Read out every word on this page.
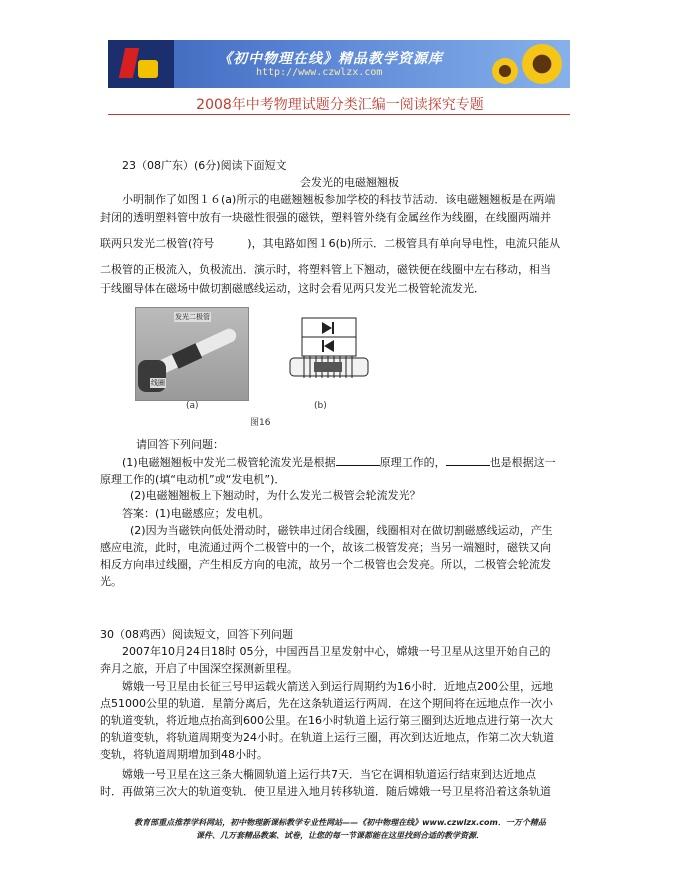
《初中物理在线》精品教学资源库
http://www.czwlzx.com
2008年中考物理试题分类汇编一阅读探究专题
23（08广东）(6分)阅读下面短文
会发光的电磁翘翘板
小明制作了如图１６(a)所示的电磁翘翘板参加学校的科技节活动．该电磁翘翘板是在两端
封闭的透明塑料管中放有一块磁性很强的磁铁，塑料管外绕有金属丝作为线圈，在线圈两端并
联两只发光二极管(符号　　　)，其电路如图１6(b)所示．二极管具有单向导电性，电流只能从
二极管的正极流入，负极流出．演示时，将塑料管上下翘动，磁铁便在线圈中左右移动，相当
于线圈导体在磁场中做切割磁感线运动，这时会看见两只发光二极管轮流发光．
发光二极管
线圈
(a)	(b)
图16
请回答下列问题：
(1)电磁翘翘板中发光二极管轮流发光是根据	原理工作的，	也是根据这一
原理工作的(填“电动机”或“发电机”)．
(2)电磁翘翘板上下翘动时，为什么发光二极管会轮流发光？
答案：(1)电磁感应；发电机。
(2)因为当磁铁向低处滑动时，磁铁串过闭合线圈，线圈相对在做切割磁感线运动，产生
感应电流，此时，电流通过两个二极管中的一个，故该二极管发亮；当另一端翘时，磁铁又向
相反方向串过线圈，产生相反方向的电流，故另一个二极管也会发亮。所以，二极管会轮流发
光。
30（08鸡西）阅读短文，回答下列问题
2007年10月24日18时 05分，中国西昌卫星发射中心，嫦娥一号卫星从这里开始自己的
奔月之旅，开启了中国深空探测新里程。
嫦娥一号卫星由长征三号甲运载火箭送入到运行周期约为16小时．近地点200公里，远地
点51000公里的轨道．星箭分离后，先在这条轨道运行两周．在这个期间将在远地点作一次小
的轨道变轨，将近地点抬高到600公里。在16小时轨道上运行第三圈到达近地点进行第一次大
的轨道变轨，将轨道周期变为24小时。在轨道上运行三圈，再次到达近地点，作第二次大轨道
变轨，将轨道周期增加到48小时。
嫦娥一号卫星在这三条大椭圆轨道上运行共7天．当它在调相轨道运行结束到达近地点
时．再做第三次大的轨道变轨．使卫星进入地月转移轨道．随后嫦娥一号卫星将沿着这条轨道
教育部重点推荐学科网站，初中物理新课标教学专业性网站——《初中物理在线》www.czwlzx.com．一万个精品
课件、几万套精品教案、试卷，让您的每一节课都能在这里找到合适的教学资源．
